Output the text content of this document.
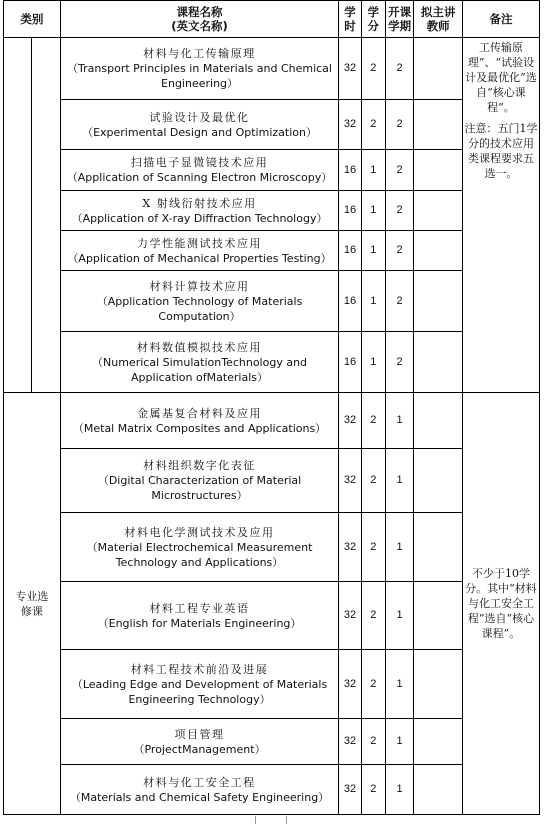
类别		课程名称
(英文名称)	学时	学分	开课学期	拟主讲教师	备注

		材料与化工传输原理
（Transport Principles in Materials and Chemical Engineering）	32	2	2		工传输原理”、“试验设计及最优化”选自“核心课程”。
注意：五门1学分的技术应用类课程要求五选一。

		试验设计及最优化
（Experimental Design and Optimization）	32	2	2		

		扫描电子显微镜技术应用
（Application of Scanning Electron Microscopy）	16	1	2		

		X 射线衍射技术应用
（Application of X-ray Diffraction Technology）	16	1	2		

		力学性能测试技术应用
（Application of Mechanical Properties Testing）	16	1	2		

		材料计算技术应用
（Application Technology of Materials Computation）	16	1	2		

		材料数值模拟技术应用
（Numerical SimulationTechnology and Application ofMaterials）	16	1	2		
专业选修课		金属基复合材料及应用
（Metal Matrix Composites and Applications）	32	2	1		不少于10学分。其中“材料与化工安全工程”选自“核心课程”。

		材料组织数字化表征
（Digital Characterization of Material Microstructures）	32	2	1		

		材料电化学测试技术及应用
（Material Electrochemical Measurement Technology and Applications）	32	2	1		

		材料工程专业英语
（English for Materials Engineering）	32	2	1		

		材料工程技术前沿及进展
（Leading Edge and Development of Materials Engineering Technology）	32	2	1		

		项目管理
（ProjectManagement）	32	2	1		

		材料与化工安全工程
（Materials and Chemical Safety Engineering）	32	2	1		
